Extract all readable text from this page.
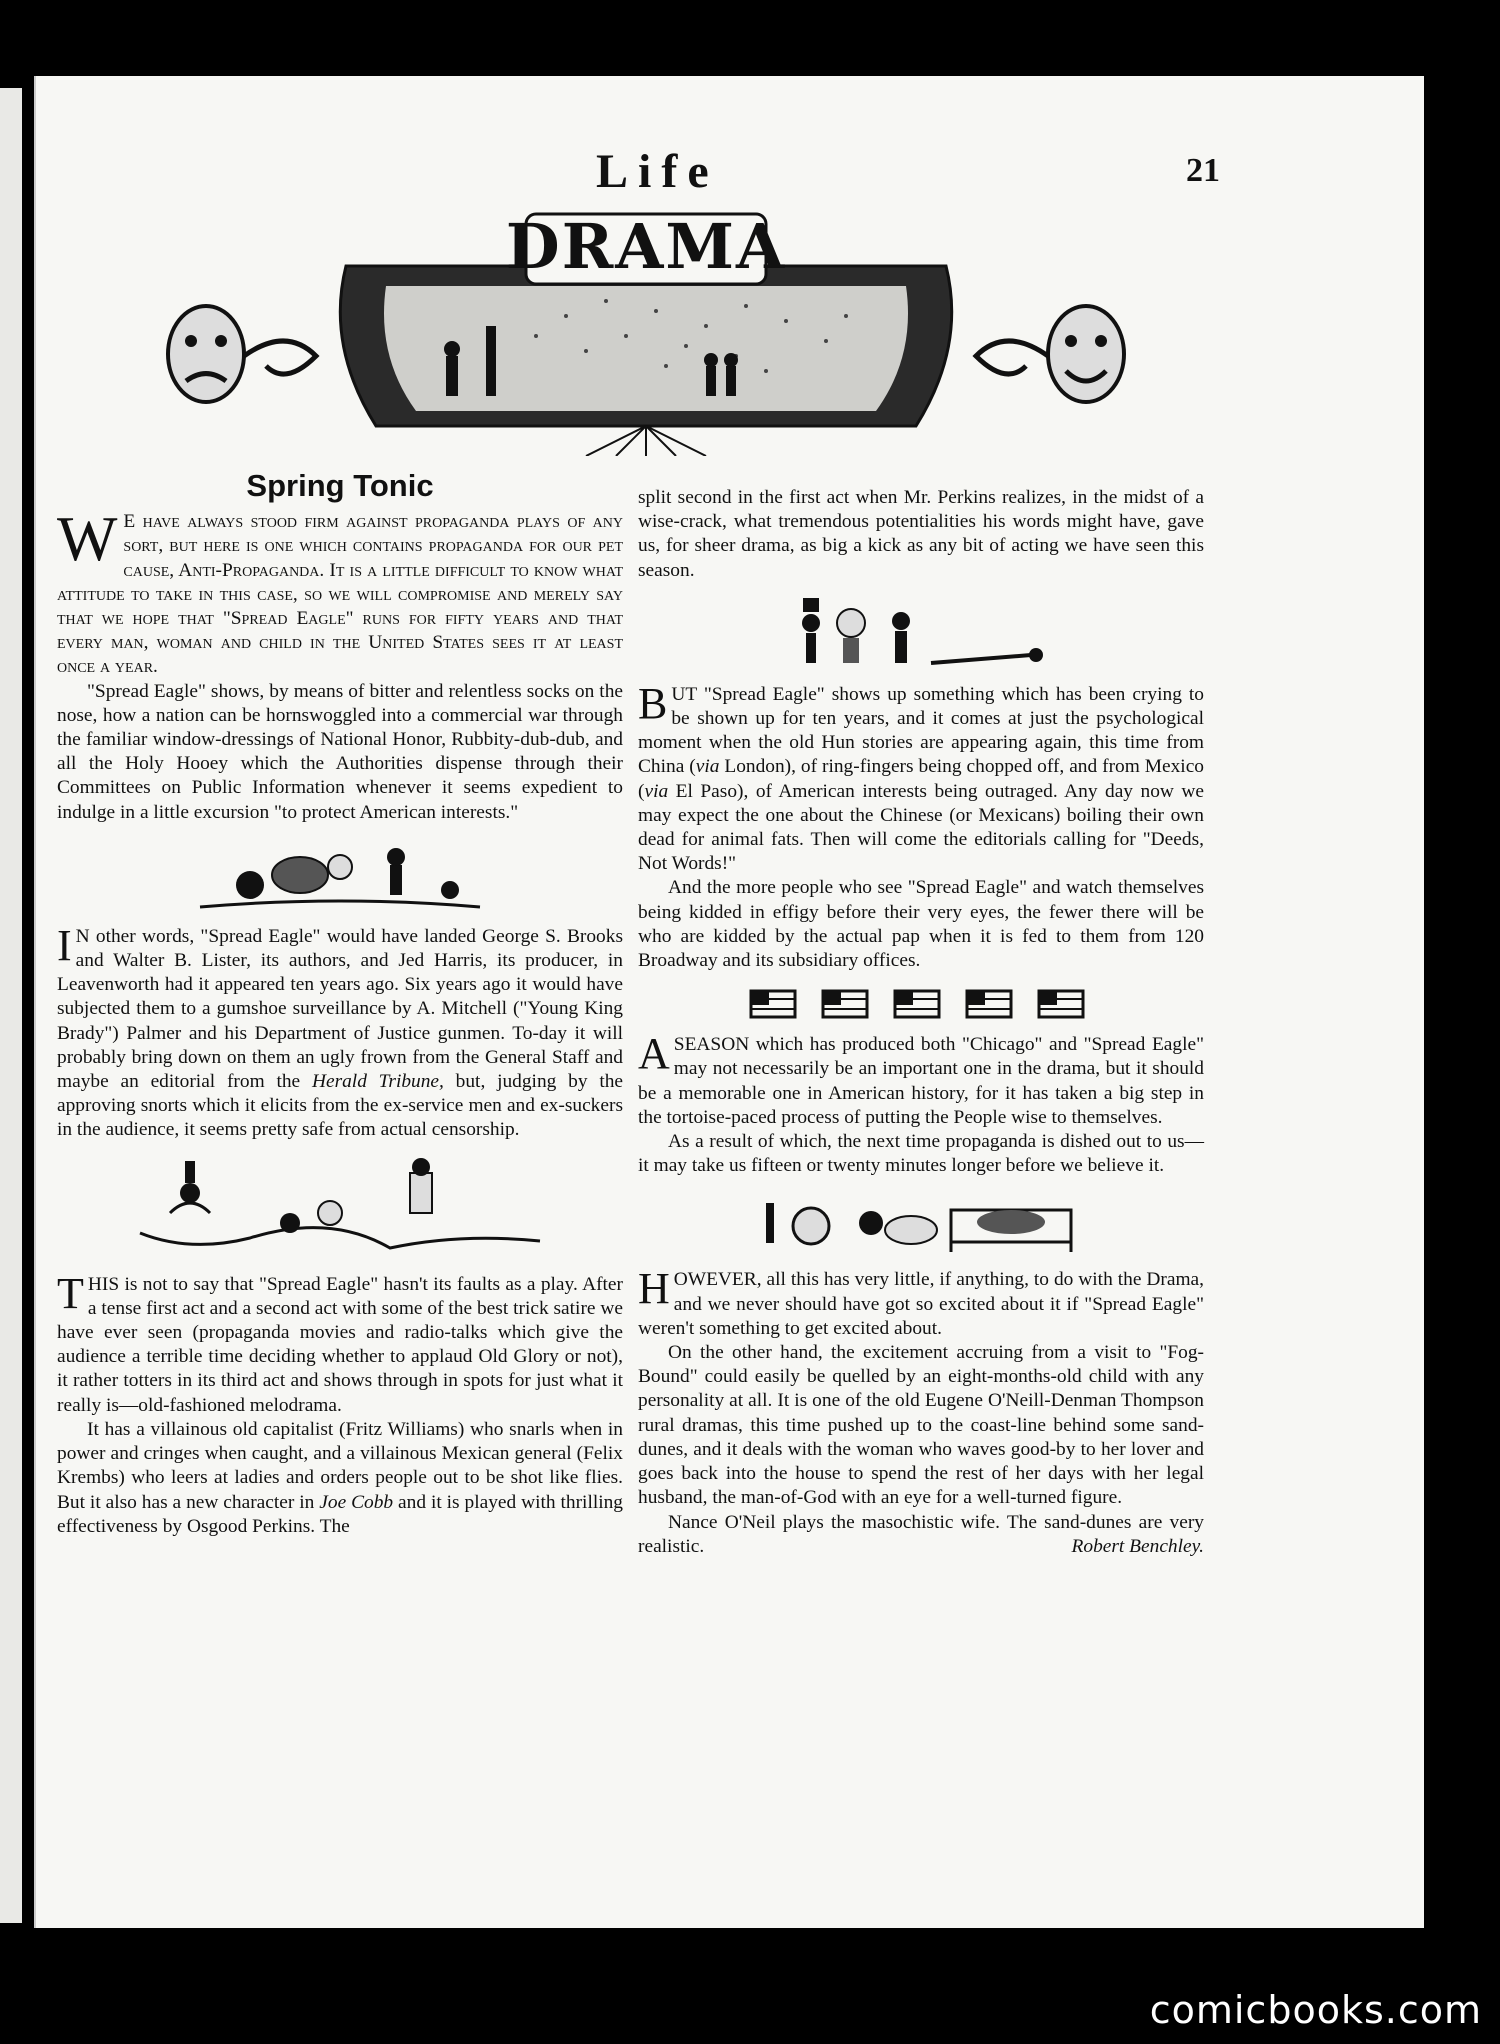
Life	21
DRAMA
Spring Tonic

W E have always stood firm against propaganda plays of any sort, but here is one which contains propaganda for our pet cause, Anti-Propaganda. It is a little difficult to know what attitude to take in this case, so we will compromise and merely say that we hope that "Spread Eagle" runs for fifty years and that every man, woman and child in the United States sees it at least once a year.

"Spread Eagle" shows, by means of bitter and relentless socks on the nose, how a nation can be hornswoggled into a commercial war through the familiar window-dressings of National Honor, Rubbity-dub-dub, and all the Holy Hooey which the Authorities dispense through their Committees on Public Information whenever it seems expedient to indulge in a little excursion "to protect American interests."

I N other words, "Spread Eagle" would have landed George S. Brooks and Walter B. Lister, its authors, and Jed Harris, its producer, in Leavenworth had it appeared ten years ago. Six years ago it would have subjected them to a gumshoe surveillance by A. Mitchell ("Young King Brady") Palmer and his Department of Justice gunmen. To-day it will probably bring down on them an ugly frown from the General Staff and maybe an editorial from the Herald Tribune, but, judging by the approving snorts which it elicits from the ex-service men and ex-suckers in the audience, it seems pretty safe from actual censorship.

THIS is not to say that "Spread Eagle" hasn't its faults as a play. After a tense first act and a second act with some of the best trick satire we have ever seen (propaganda movies and radio-talks which give the audience a terrible time deciding whether to applaud Old Glory or not), it rather totters in its third act and shows through in spots for just what it really is—old-fashioned melodrama.

It has a villainous old capitalist (Fritz Williams) who snarls when in power and cringes when caught, and a villainous Mexican general (Felix Krembs) who leers at ladies and orders people out to be shot like flies. But it also has a new character in Joe Cobb and it is played with thrilling effectiveness by Osgood Perkins. The

split second in the first act when Mr. Perkins realizes, in the midst of a wise-crack, what tremendous potentialities his words might have, gave us, for sheer drama, as big a kick as any bit of acting we have seen this season.

BUT "Spread Eagle" shows up something which has been crying to be shown up for ten years, and it comes at just the psychological moment when the old Hun stories are appearing again, this time from China (via London), of ring-fingers being chopped off, and from Mexico (via El Paso), of American interests being outraged. Any day now we may expect the one about the Chinese (or Mexicans) boiling their own dead for animal fats. Then will come the editorials calling for "Deeds, Not Words!"

And the more people who see "Spread Eagle" and watch themselves being kidded in effigy before their very eyes, the fewer there will be who are kidded by the actual pap when it is fed to them from 120 Broadway and its subsidiary offices.

ASEASON which has produced both "Chicago" and "Spread Eagle" may not necessarily be an important one in the drama, but it should be a memorable one in American history, for it has taken a big step in the tortoise-paced process of putting the People wise to themselves.

As a result of which, the next time propaganda is dished out to us—it may take us fifteen or twenty minutes longer before we believe it.

HOWEVER, all this has very little, if anything, to do with the Drama, and we never should have got so excited about it if "Spread Eagle" weren't something to get excited about.

On the other hand, the excitement accruing from a visit to "Fog-Bound" could easily be quelled by an eight-months-old child with any personality at all. It is one of the old Eugene O'Neill-Denman Thompson rural dramas, this time pushed up to the coast-line behind some sand-dunes, and it deals with the woman who waves good-by to her lover and goes back into the house to spend the rest of her days with her legal husband, the man-of-God with an eye for a well-turned figure.

Nance O'Neil plays the masochistic wife. The sand-dunes are very realistic.	Robert Benchley.

comicbooks.com
